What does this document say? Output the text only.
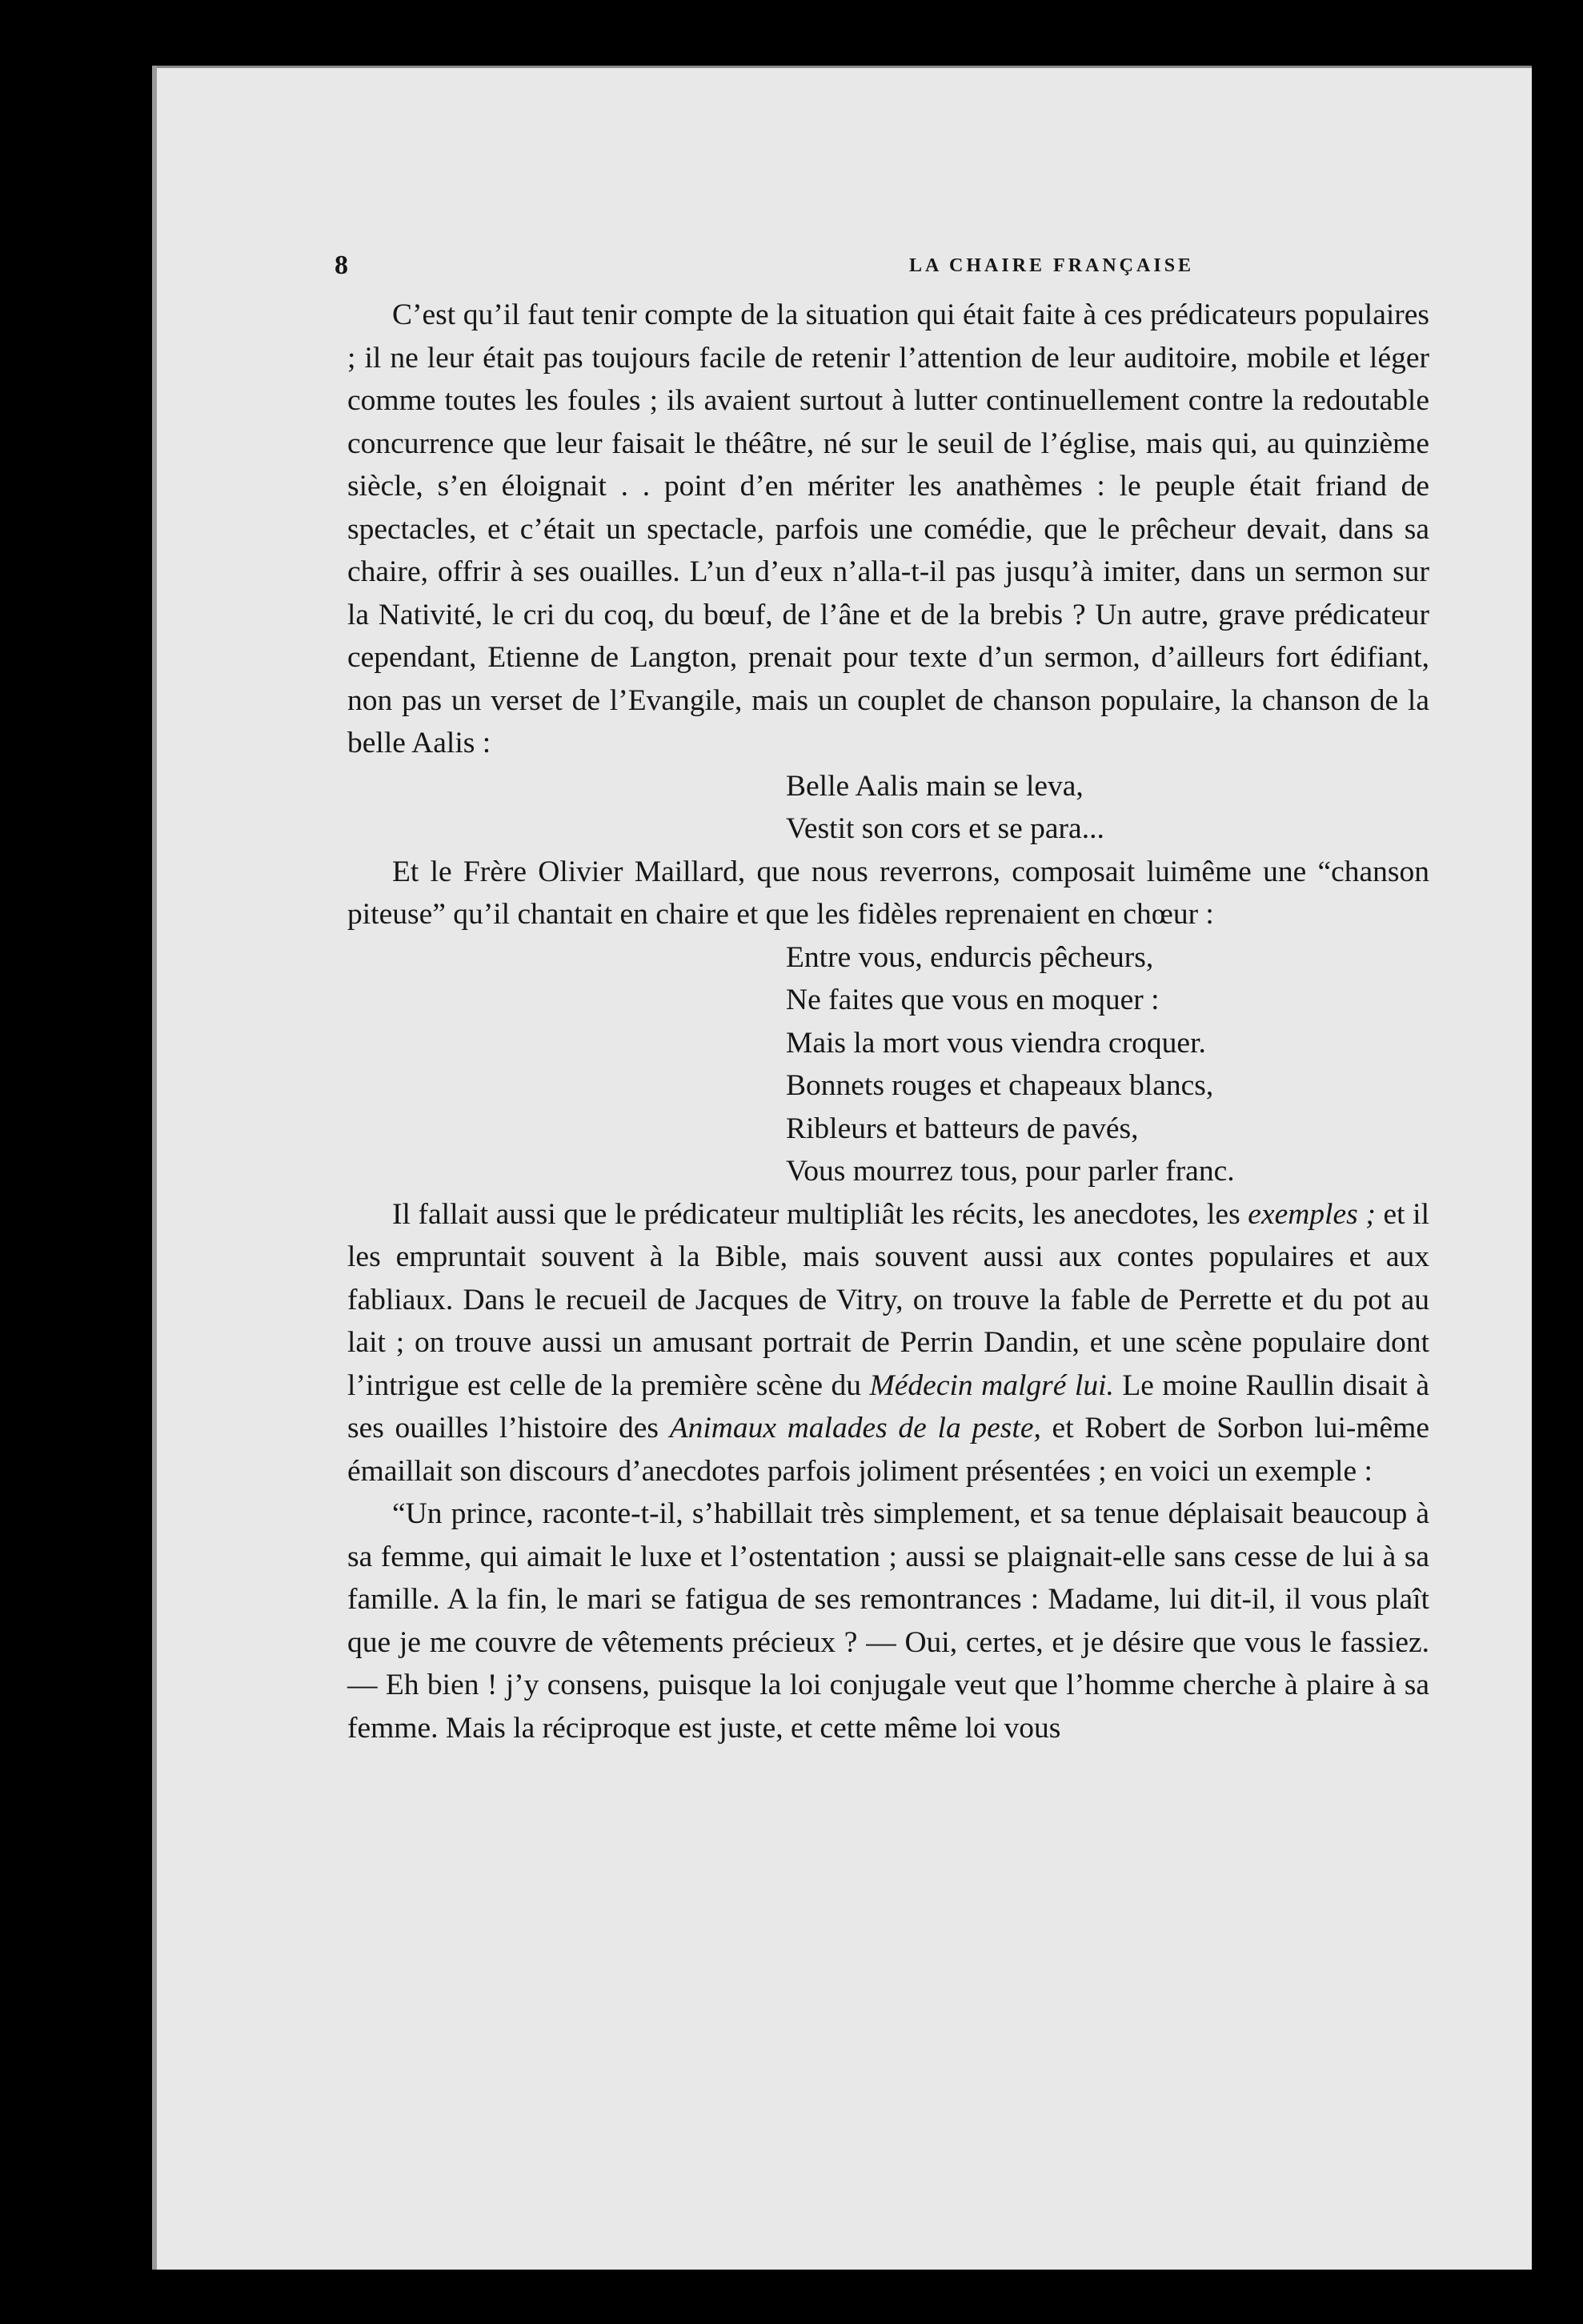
8	LA CHAIRE FRANÇAISE

C’est qu’il faut tenir compte de la situation qui était faite à ces prédicateurs populaires ; il ne leur était pas toujours facile de retenir l’attention de leur auditoire, mobile et léger comme toutes les foules ; ils avaient surtout à lutter continuellement contre la redoutable concurrence que leur faisait le théâtre, né sur le seuil de l’église, mais qui, au quinzième siècle, s’en éloignait . . point d’en mériter les anathèmes : le peuple était friand de spectacles, et c’était un spectacle, parfois une comédie, que le prêcheur devait, dans sa chaire, offrir à ses ouailles. L’un d’eux n’alla-t-il pas jusqu’à imiter, dans un sermon sur la Nativité, le cri du coq, du bœuf, de l’âne et de la brebis ? Un autre, grave prédicateur cependant, Etienne de Langton, prenait pour texte d’un sermon, d’ailleurs fort édifiant, non pas un verset de l’Evangile, mais un couplet de chanson populaire, la chanson de la belle Aalis :

Belle Aalis main se leva,
Vestit son cors et se para...

Et le Frère Olivier Maillard, que nous reverrons, composait luimême une “chanson piteuse” qu’il chantait en chaire et que les fidèles reprenaient en chœur :

Entre vous, endurcis pêcheurs,
Ne faites que vous en moquer :
Mais la mort vous viendra croquer.
Bonnets rouges et chapeaux blancs,
Ribleurs et batteurs de pavés,
Vous mourrez tous, pour parler franc.

Il fallait aussi que le prédicateur multipliât les récits, les anecdotes, les exemples ; et il les empruntait souvent à la Bible, mais souvent aussi aux contes populaires et aux fabliaux. Dans le recueil de Jacques de Vitry, on trouve la fable de Perrette et du pot au lait ; on trouve aussi un amusant portrait de Perrin Dandin, et une scène populaire dont l’intrigue est celle de la première scène du Médecin malgré lui. Le moine Raullin disait à ses ouailles l’histoire des Animaux malades de la peste, et Robert de Sorbon lui-même émaillait son discours d’anecdotes parfois joliment présentées ; en voici un exemple :

“Un prince, raconte-t-il, s’habillait très simplement, et sa tenue déplaisait beaucoup à sa femme, qui aimait le luxe et l’ostentation ; aussi se plaignait-elle sans cesse de lui à sa famille. A la fin, le mari se fatigua de ses remontrances : Madame, lui dit-il, il vous plaît que je me couvre de vêtements précieux ? — Oui, certes, et je désire que vous le fassiez. — Eh bien ! j’y consens, puisque la loi conjugale veut que l’homme cherche à plaire à sa femme. Mais la réciproque est juste, et cette même loi vous
